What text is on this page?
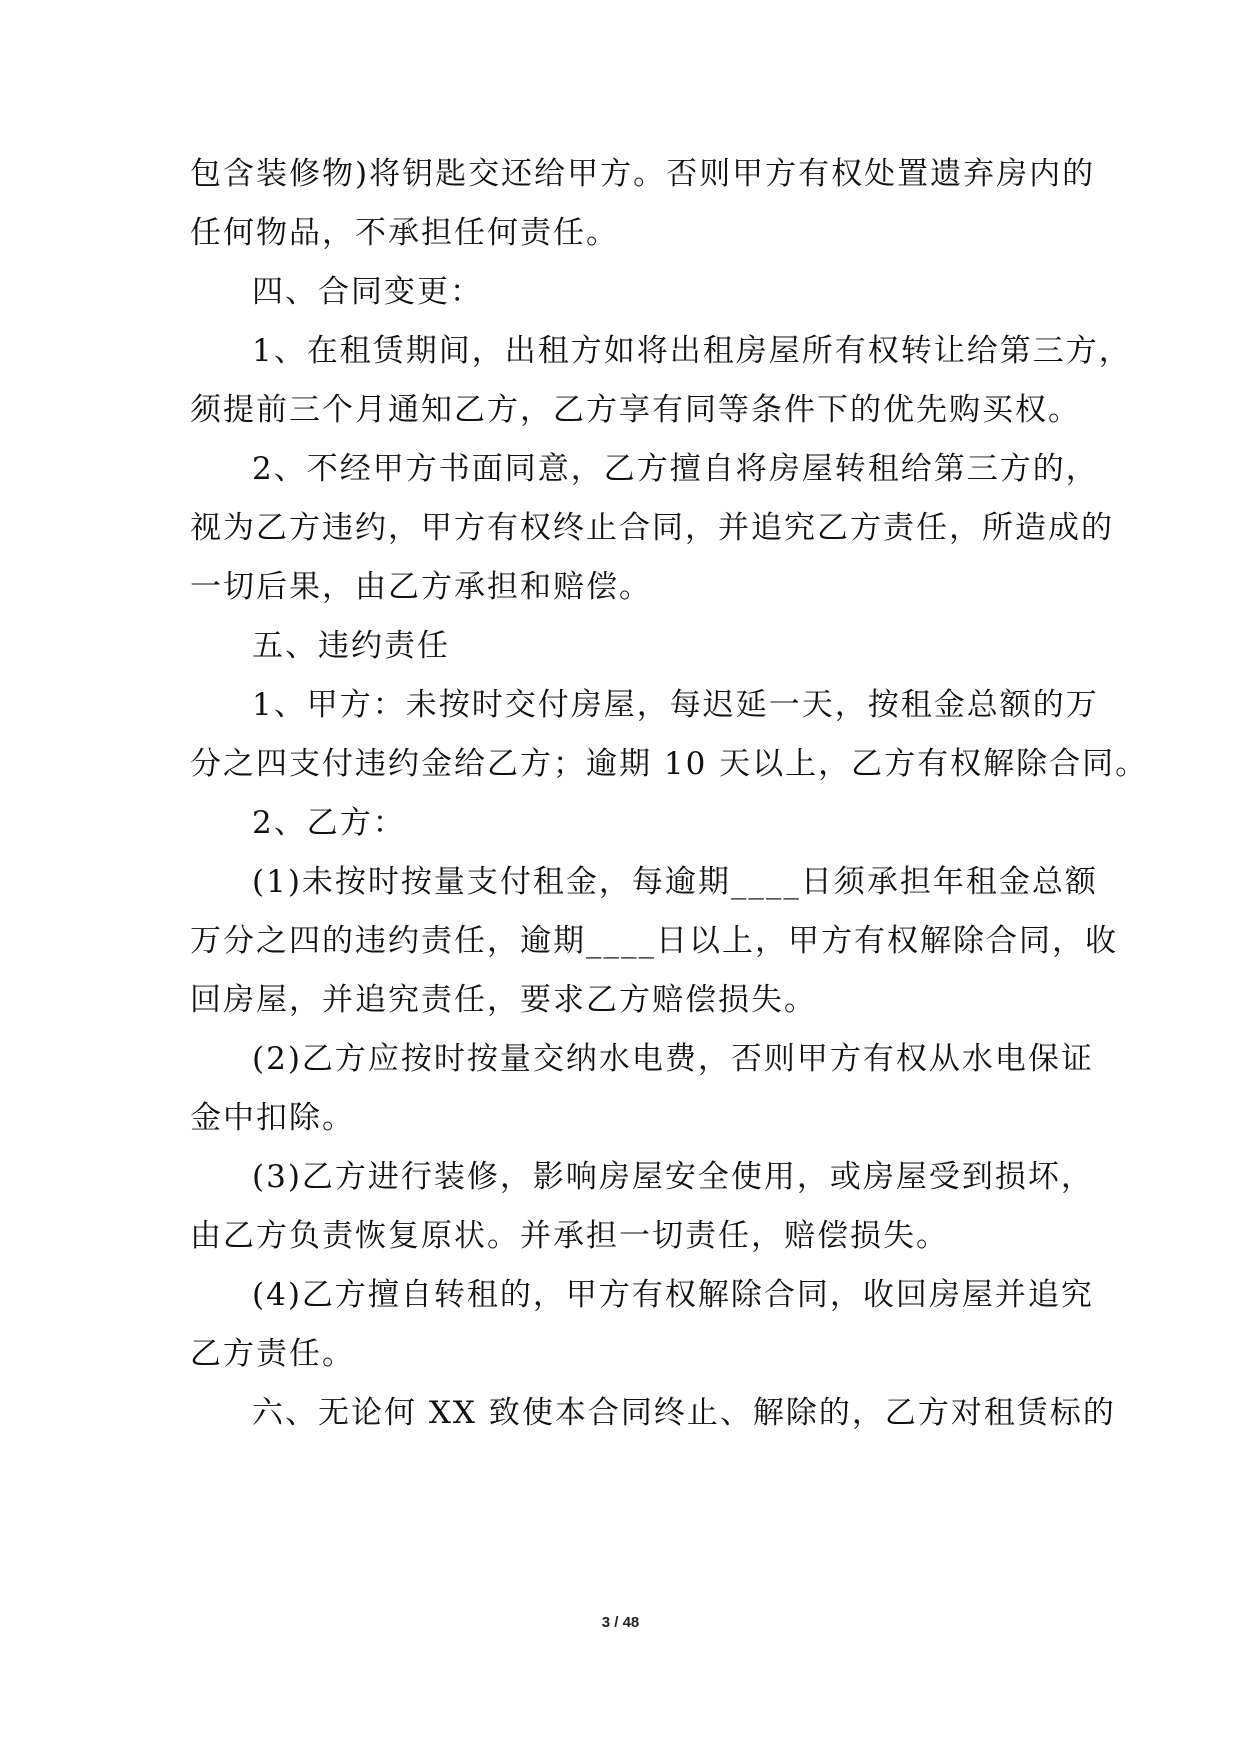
包含装修物)将钥匙交还给甲方。否则甲方有权处置遗弃房内的
任何物品，不承担任何责任。
四、合同变更：
1、在租赁期间，出租方如将出租房屋所有权转让给第三方，
须提前三个月通知乙方，乙方享有同等条件下的优先购买权。
2、不经甲方书面同意，乙方擅自将房屋转租给第三方的，
视为乙方违约，甲方有权终止合同，并追究乙方责任，所造成的
一切后果，由乙方承担和赔偿。
五、违约责任
1、甲方：未按时交付房屋，每迟延一天，按租金总额的万
分之四支付违约金给乙方；逾期 10 天以上，乙方有权解除合同。
2、乙方：
(1)未按时按量支付租金，每逾期____日须承担年租金总额
万分之四的违约责任，逾期____日以上，甲方有权解除合同，收
回房屋，并追究责任，要求乙方赔偿损失。
(2)乙方应按时按量交纳水电费，否则甲方有权从水电保证
金中扣除。
(3)乙方进行装修，影响房屋安全使用，或房屋受到损坏，
由乙方负责恢复原状。并承担一切责任，赔偿损失。
(4)乙方擅自转租的，甲方有权解除合同，收回房屋并追究
乙方责任。
六、无论何 XX 致使本合同终止、解除的，乙方对租赁标的
3 / 48
